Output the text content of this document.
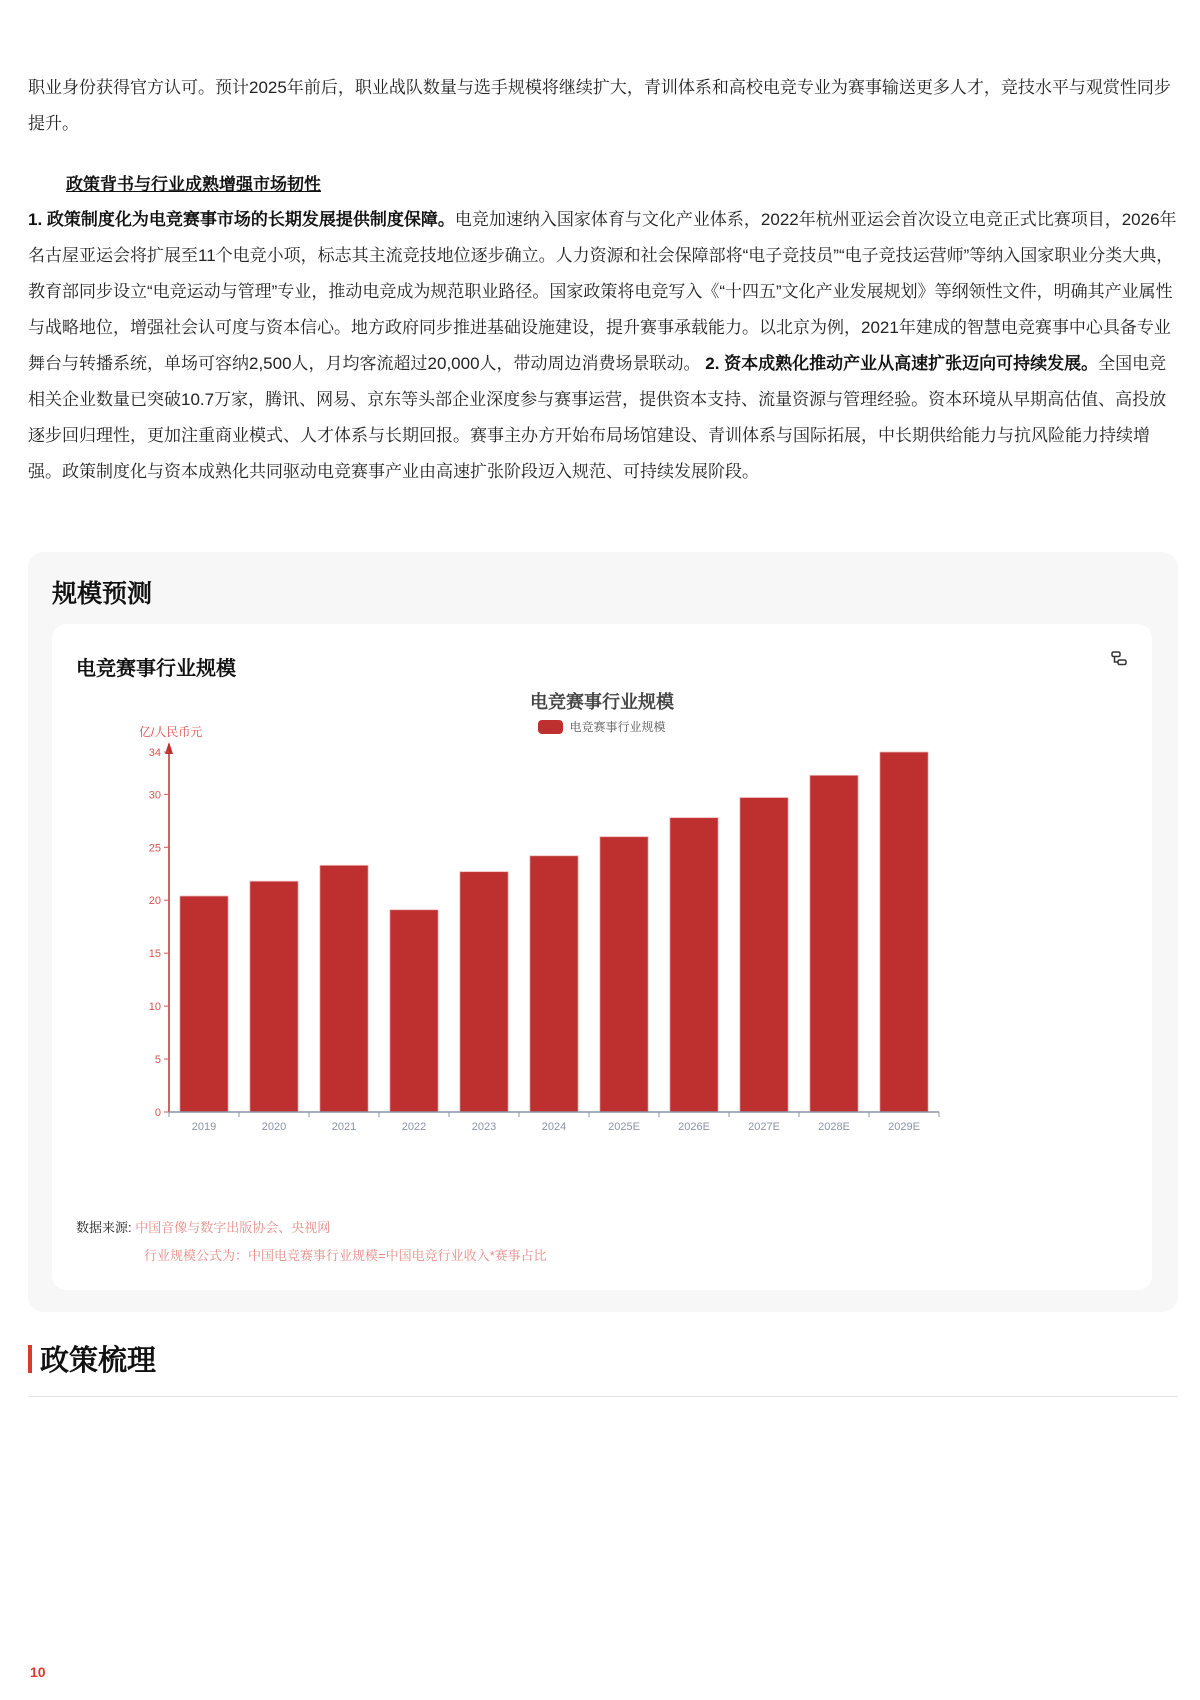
职业身份获得官方认可。预计2025年前后，职业战队数量与选手规模将继续扩大，青训体系和高校电竞专业为赛事输送更多人才，竞技水平与观赏性同步提升。
政策背书与行业成熟增强市场韧性
1. 政策制度化为电竞赛事市场的长期发展提供制度保障。电竞加速纳入国家体育与文化产业体系，2022年杭州亚运会首次设立电竞正式比赛项目，2026年名古屋亚运会将扩展至11个电竞小项，标志其主流竞技地位逐步确立。人力资源和社会保障部将“电子竞技员”“电子竞技运营师”等纳入国家职业分类大典，教育部同步设立“电竞运动与管理”专业，推动电竞成为规范职业路径。国家政策将电竞写入《“十四五”文化产业发展规划》等纲领性文件，明确其产业属性与战略地位，增强社会认可度与资本信心。地方政府同步推进基础设施建设，提升赛事承载能力。以北京为例，2021年建成的智慧电竞赛事中心具备专业舞台与转播系统，单场可容纳2,500人，月均客流超过20,000人，带动周边消费场景联动。 2. 资本成熟化推动产业从高速扩张迈向可持续发展。全国电竞相关企业数量已突破10.7万家，腾讯、网易、京东等头部企业深度参与赛事运营，提供资本支持、流量资源与管理经验。资本环境从早期高估值、高投放逐步回归理性，更加注重商业模式、人才体系与长期回报。赛事主办方开始布局场馆建设、青训体系与国际拓展，中长期供给能力与抗风险能力持续增强。政策制度化与资本成熟化共同驱动电竞赛事产业由高速扩张阶段迈入规范、可持续发展阶段。
规模预测
电竞赛事行业规模
电竞赛事行业规模
电竞赛事行业规模
亿/人民币元
0
5
10
15
20
25
30
34
2019	2020	2021	2022	2023	2024	2025E	2026E	2027E	2028E	2029E
数据来源: 中国音像与数字出版协会、央视网
行业规模公式为：中国电竞赛事行业规模=中国电竞行业收入*赛事占比
政策梳理
10
